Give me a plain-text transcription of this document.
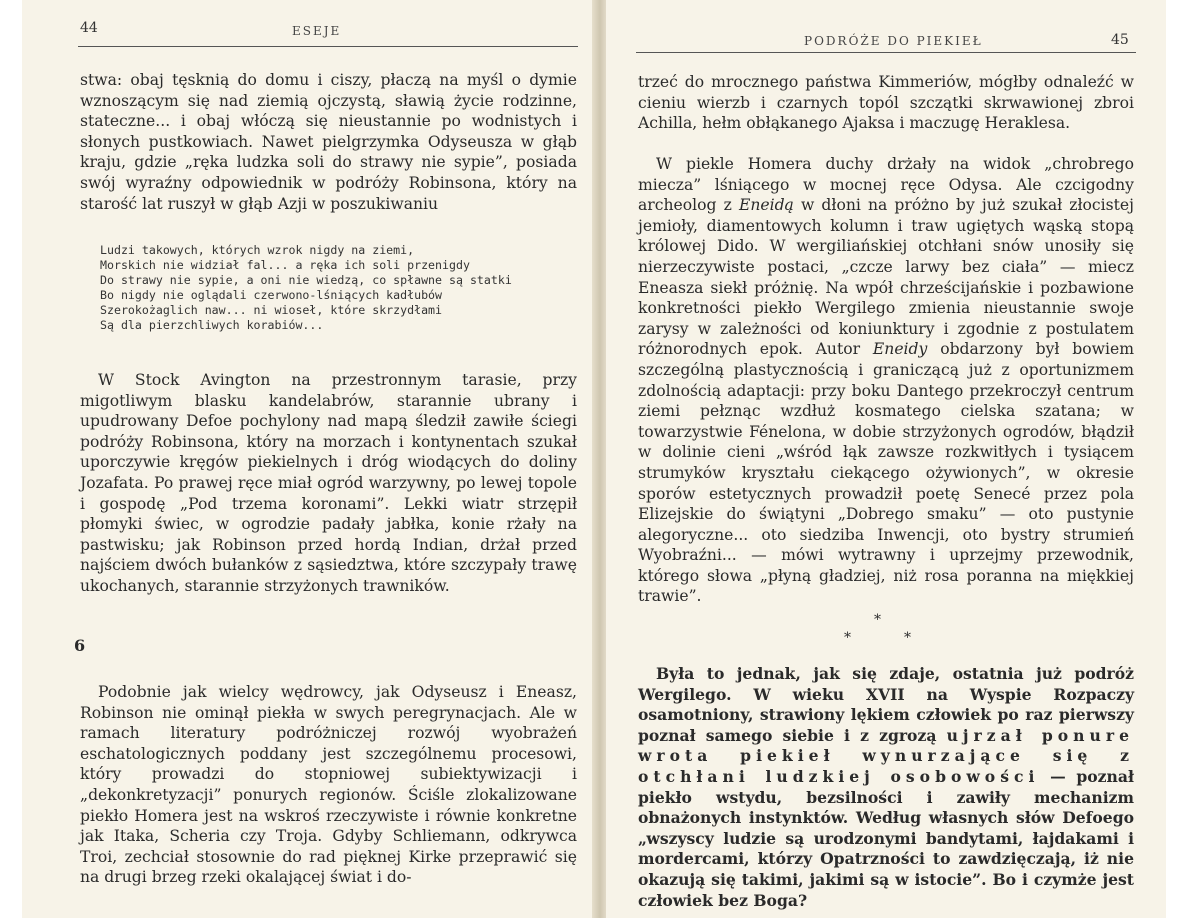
44	ESEJE

stwa: obaj tęsknią do domu i ciszy, płaczą na myśl o dymie wznoszącym się nad ziemią ojczystą, sławią życie rodzinne, stateczne... i obaj włóczą się nieustannie po wodnistych i słonych pustkowiach. Nawet pielgrzymka Odyseusza w głąb kraju, gdzie „ręka ludzka soli do strawy nie sypie”, posiada swój wyraźny odpowiednik w podróży Robinsona, który na starość lat ruszył w głąb Azji w poszukiwaniu

Ludzi takowych, których wzrok nigdy na ziemi,
Morskich nie widział fal... a ręka ich soli przenigdy
Do strawy nie sypie, a oni nie wiedzą, co spławne są statki
Bo nigdy nie oglądali czerwono-lśniących kadłubów
Szerokożaglich naw... ni wioseł, które skrzydłami
Są dla pierzchliwych korabiów...

W Stock Avington na przestronnym tarasie, przy migotliwym blasku kandelabrów, starannie ubrany i upudrowany Defoe pochylony nad mapą śledził zawiłe ściegi podróży Robinsona, który na morzach i kontynentach szukał uporczywie kręgów piekielnych i dróg wiodących do doliny Jozafata. Po prawej ręce miał ogród warzywny, po lewej topole i gospodę „Pod trzema koronami”. Lekki wiatr strzępił płomyki świec, w ogrodzie padały jabłka, konie rżały na pastwisku; jak Robinson przed hordą Indian, drżał przed najściem dwóch bułanków z sąsiedztwa, które szczypały trawę ukochanych, starannie strzyżonych trawników.

6

Podobnie jak wielcy wędrowcy, jak Odyseusz i Eneasz, Robinson nie ominął piekła w swych peregrynacjach. Ale w ramach literatury podróżniczej rozwój wyobrażeń eschatologicznych poddany jest szczególnemu procesowi, który prowadzi do stopniowej subiektywizacji i „dekonkretyzacji” ponurych regionów. Ściśle zlokalizowane piekło Homera jest na wskroś rzeczywiste i równie konkretne jak Itaka, Scheria czy Troja. Gdyby Schliemann, odkrywca Troi, zechciał stosownie do rad pięknej Kirke przeprawić się na drugi brzeg rzeki okalającej świat i do-

PODRÓŻE DO PIEKIEŁ	45

trzeć do mrocznego państwa Kimmeriów, mógłby odnaleźć w cieniu wierzb i czarnych topól szczątki skrwawionej zbroi Achilla, hełm obłąkanego Ajaksa i maczugę Heraklesa.

W piekle Homera duchy drżały na widok „chrobrego miecza” lśniącego w mocnej ręce Odysa. Ale czcigodny archeolog z Eneidą w dłoni na próżno by już szukał złocistej jemioły, diamentowych kolumn i traw ugiętych wąską stopą królowej Dido. W wergiliańskiej otchłani snów unosiły się nierzeczywiste postaci, „czcze larwy bez ciała” — miecz Eneasza siekł próżnię. Na wpół chrześcijańskie i pozbawione konkretności piekło Wergilego zmienia nieustannie swoje zarysy w zależności od koniunktury i zgodnie z postulatem różnorodnych epok. Autor Eneidy obdarzony był bowiem szczególną plastycznością i graniczącą już z oportunizmem zdolnością adaptacji: przy boku Dantego przekroczył centrum ziemi pełznąc wzdłuż kosmatego cielska szatana; w towarzystwie Fénelona, w dobie strzyżonych ogrodów, błądził w dolinie cieni „wśród łąk zawsze rozkwitłych i tysiącem strumyków kryształu ciekącego ożywionych”, w okresie sporów estetycznych prowadził poetę Senecé przez pola Elizejskie do świątyni „Dobrego smaku” — oto pustynie alegoryczne... oto siedziba Inwencji, oto bystry strumień Wyobraźni... — mówi wytrawny i uprzejmy przewodnik, którego słowa „płyną gładziej, niż rosa poranna na miękkiej trawie”.

*
*	*

Była to jednak, jak się zdaje, ostatnia już podróż Wergilego. W wieku XVII na Wyspie Rozpaczy osamotniony, strawiony lękiem człowiek po raz pierwszy poznał samego siebie i z zgrozą ujrzał ponure wrota piekieł wynurzające się z otchłani ludzkiej osobowości — poznał piekło wstydu, bezsilności i zawiły mechanizm obnażonych instynktów. Według własnych słów Defoego „wszyscy ludzie są urodzonymi bandytami, łajdakami i mordercami, którzy Opatrzności to zawdzięczają, iż nie okazują się takimi, jakimi są w istocie”. Bo i czymże jest człowiek bez Boga?
